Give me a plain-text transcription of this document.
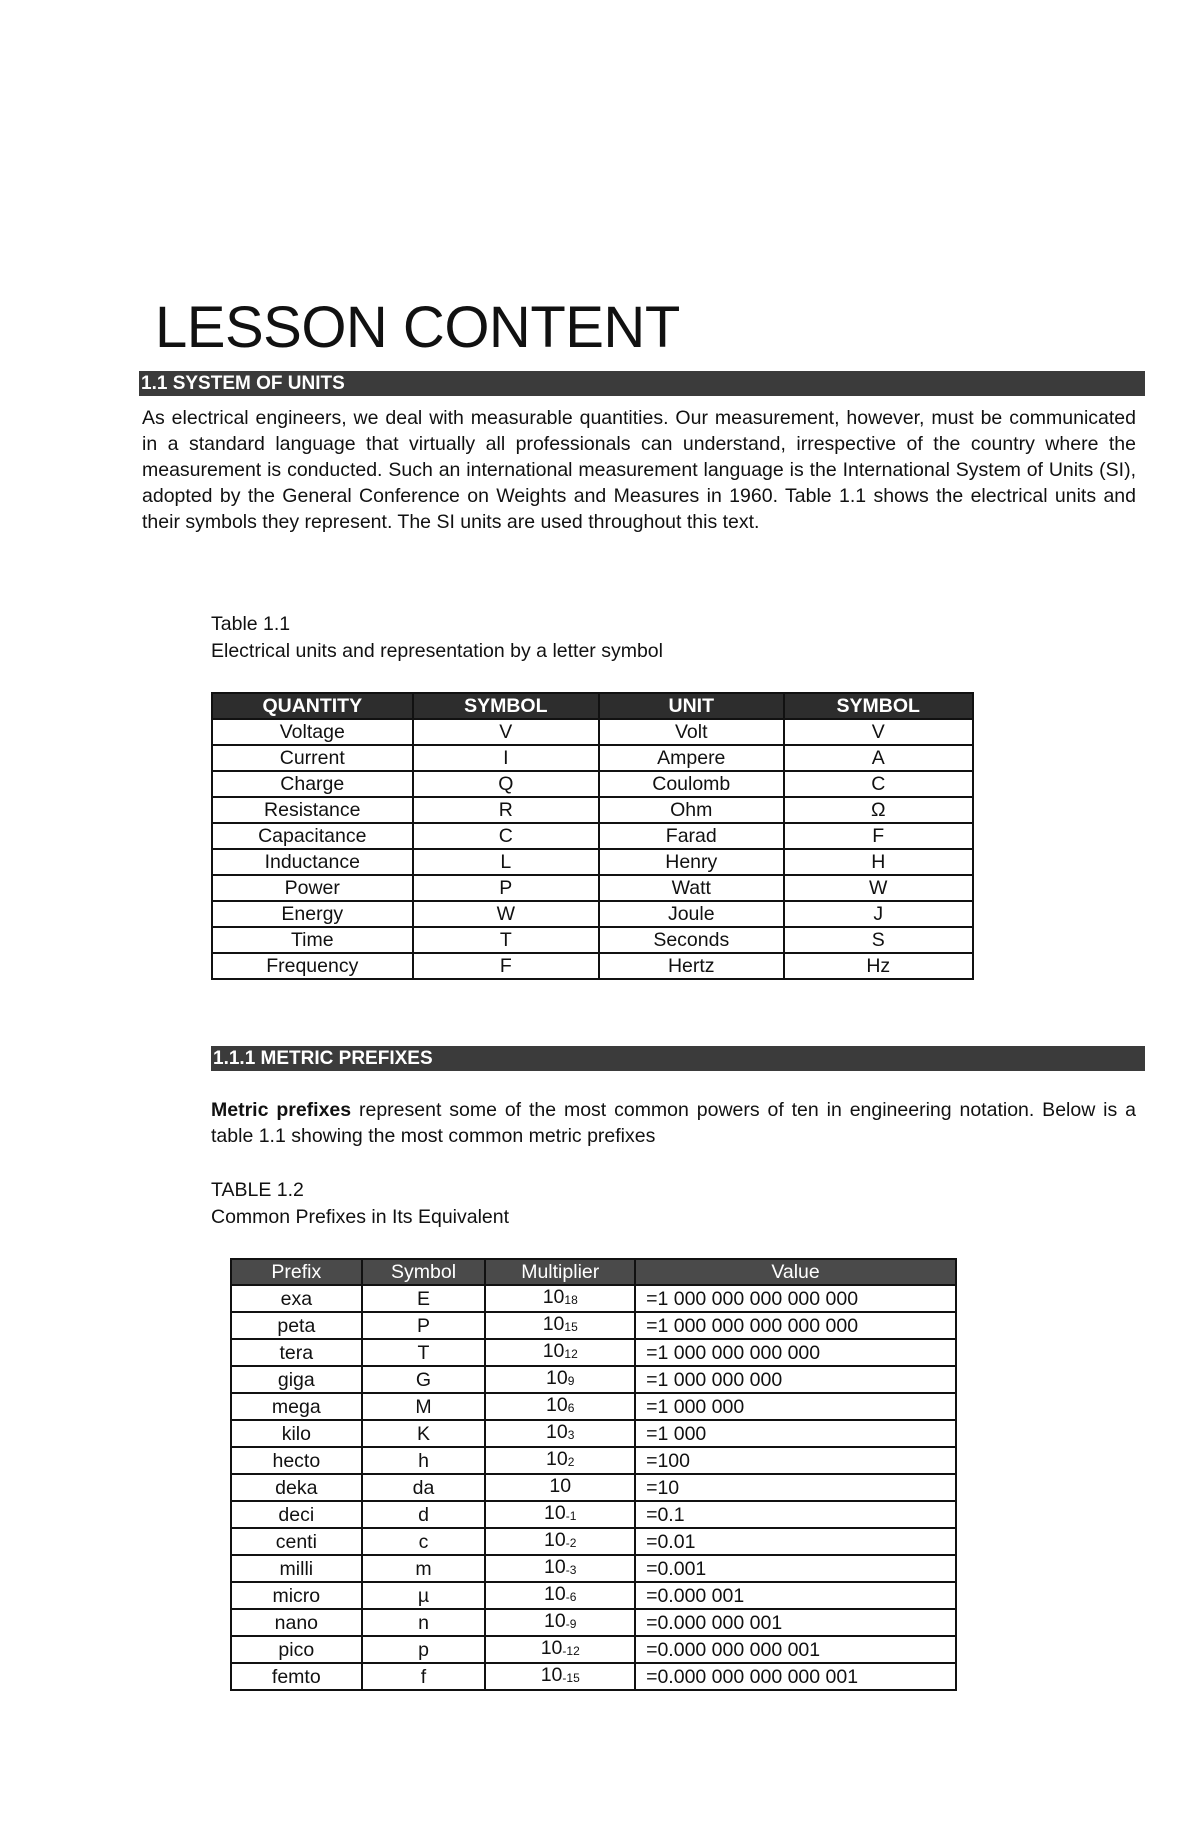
LESSON CONTENT
1.1 SYSTEM OF UNITS

As electrical engineers, we deal with measurable quantities. Our measurement, however, must be communicated in a standard language that virtually all professionals can understand, irrespective of the country where the measurement is conducted. Such an international measurement language is the International System of Units (SI), adopted by the General Conference on Weights and Measures in 1960. Table 1.1 shows the electrical units and their symbols they represent. The SI units are used throughout this text.

Table 1.1
Electrical units and representation by a letter symbol
QUANTITY	SYMBOL	UNIT	SYMBOL
Voltage	V	Volt	V
Current	I	Ampere	A
Charge	Q	Coulomb	C
Resistance	R	Ohm	Ω
Capacitance	C	Farad	F
Inductance	L	Henry	H
Power	P	Watt	W
Energy	W	Joule	J
Time	T	Seconds	S
Frequency	F	Hertz	Hz
1.1.1 METRIC PREFIXES

Metric prefixes represent some of the most common powers of ten in engineering notation. Below is a table 1.1 showing the most common metric prefixes

TABLE 1.2
Common Prefixes in Its Equivalent
Prefix	Symbol	Multiplier	Value
exa	E	$10_{18}$	=1 000 000 000 000 000
peta	P	$10_{15}$	=1 000 000 000 000 000
tera	T	$10_{12}$	=1 000 000 000 000
giga	G	$10_9$	=1 000 000 000
mega	M	$10_6$	=1 000 000
kilo	K	$10_3$	=1 000
hecto	h	$10_2$	=100
deka	da	10	=10
deci	d	$10_{-1}$	=0.1
centi	c	$10_{-2}$	=0.01
milli	m	$10_{-3}$	=0.001
micro	µ	$10_{-6}$	=0.000 001
nano	n	$10_{-9}$	=0.000 000 001
pico	p	$10_{-12}$	=0.000 000 000 001
femto	f	$10_{-15}$	=0.000 000 000 000 001
